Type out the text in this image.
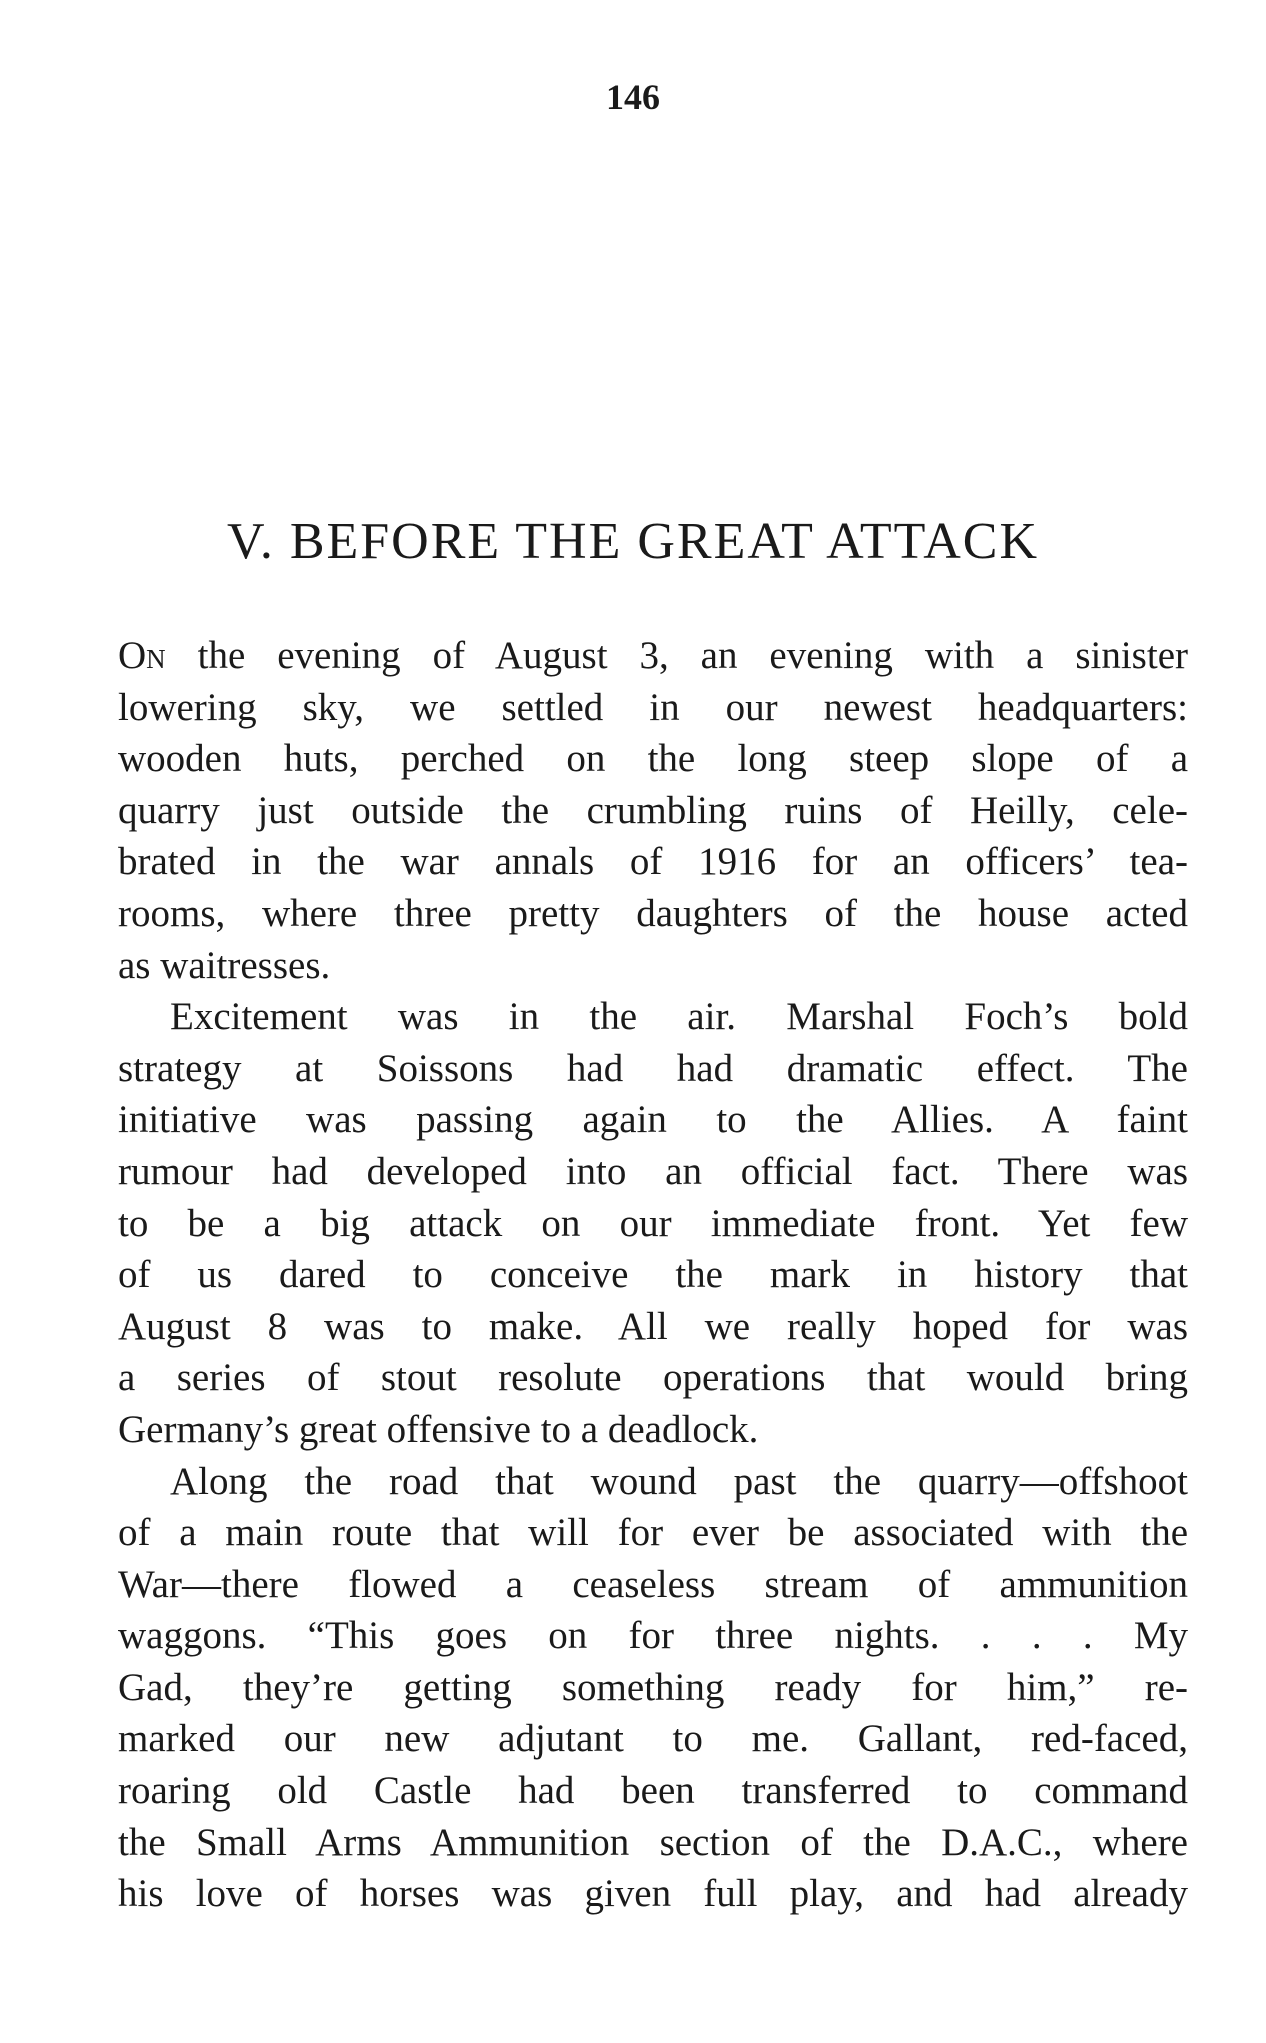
146
V. BEFORE THE GREAT ATTACK
On the evening of August 3, an evening with a sinister
lowering sky, we settled in our newest headquarters:
wooden huts, perched on the long steep slope of a
quarry just outside the crumbling ruins of Heilly, cele-
brated in the war annals of 1916 for an officers’ tea-
rooms, where three pretty daughters of the house acted
as waitresses.
Excitement was in the air. Marshal Foch’s bold
strategy at Soissons had had dramatic effect. The
initiative was passing again to the Allies. A faint
rumour had developed into an official fact. There was
to be a big attack on our immediate front. Yet few
of us dared to conceive the mark in history that
August 8 was to make. All we really hoped for was
a series of stout resolute operations that would bring
Germany’s great offensive to a deadlock.
Along the road that wound past the quarry—offshoot
of a main route that will for ever be associated with the
War—there flowed a ceaseless stream of ammunition
waggons. “This goes on for three nights. . . . My
Gad, they’re getting something ready for him,” re-
marked our new adjutant to me. Gallant, red-faced,
roaring old Castle had been transferred to command
the Small Arms Ammunition section of the D.A.C., where
his love of horses was given full play, and had already
